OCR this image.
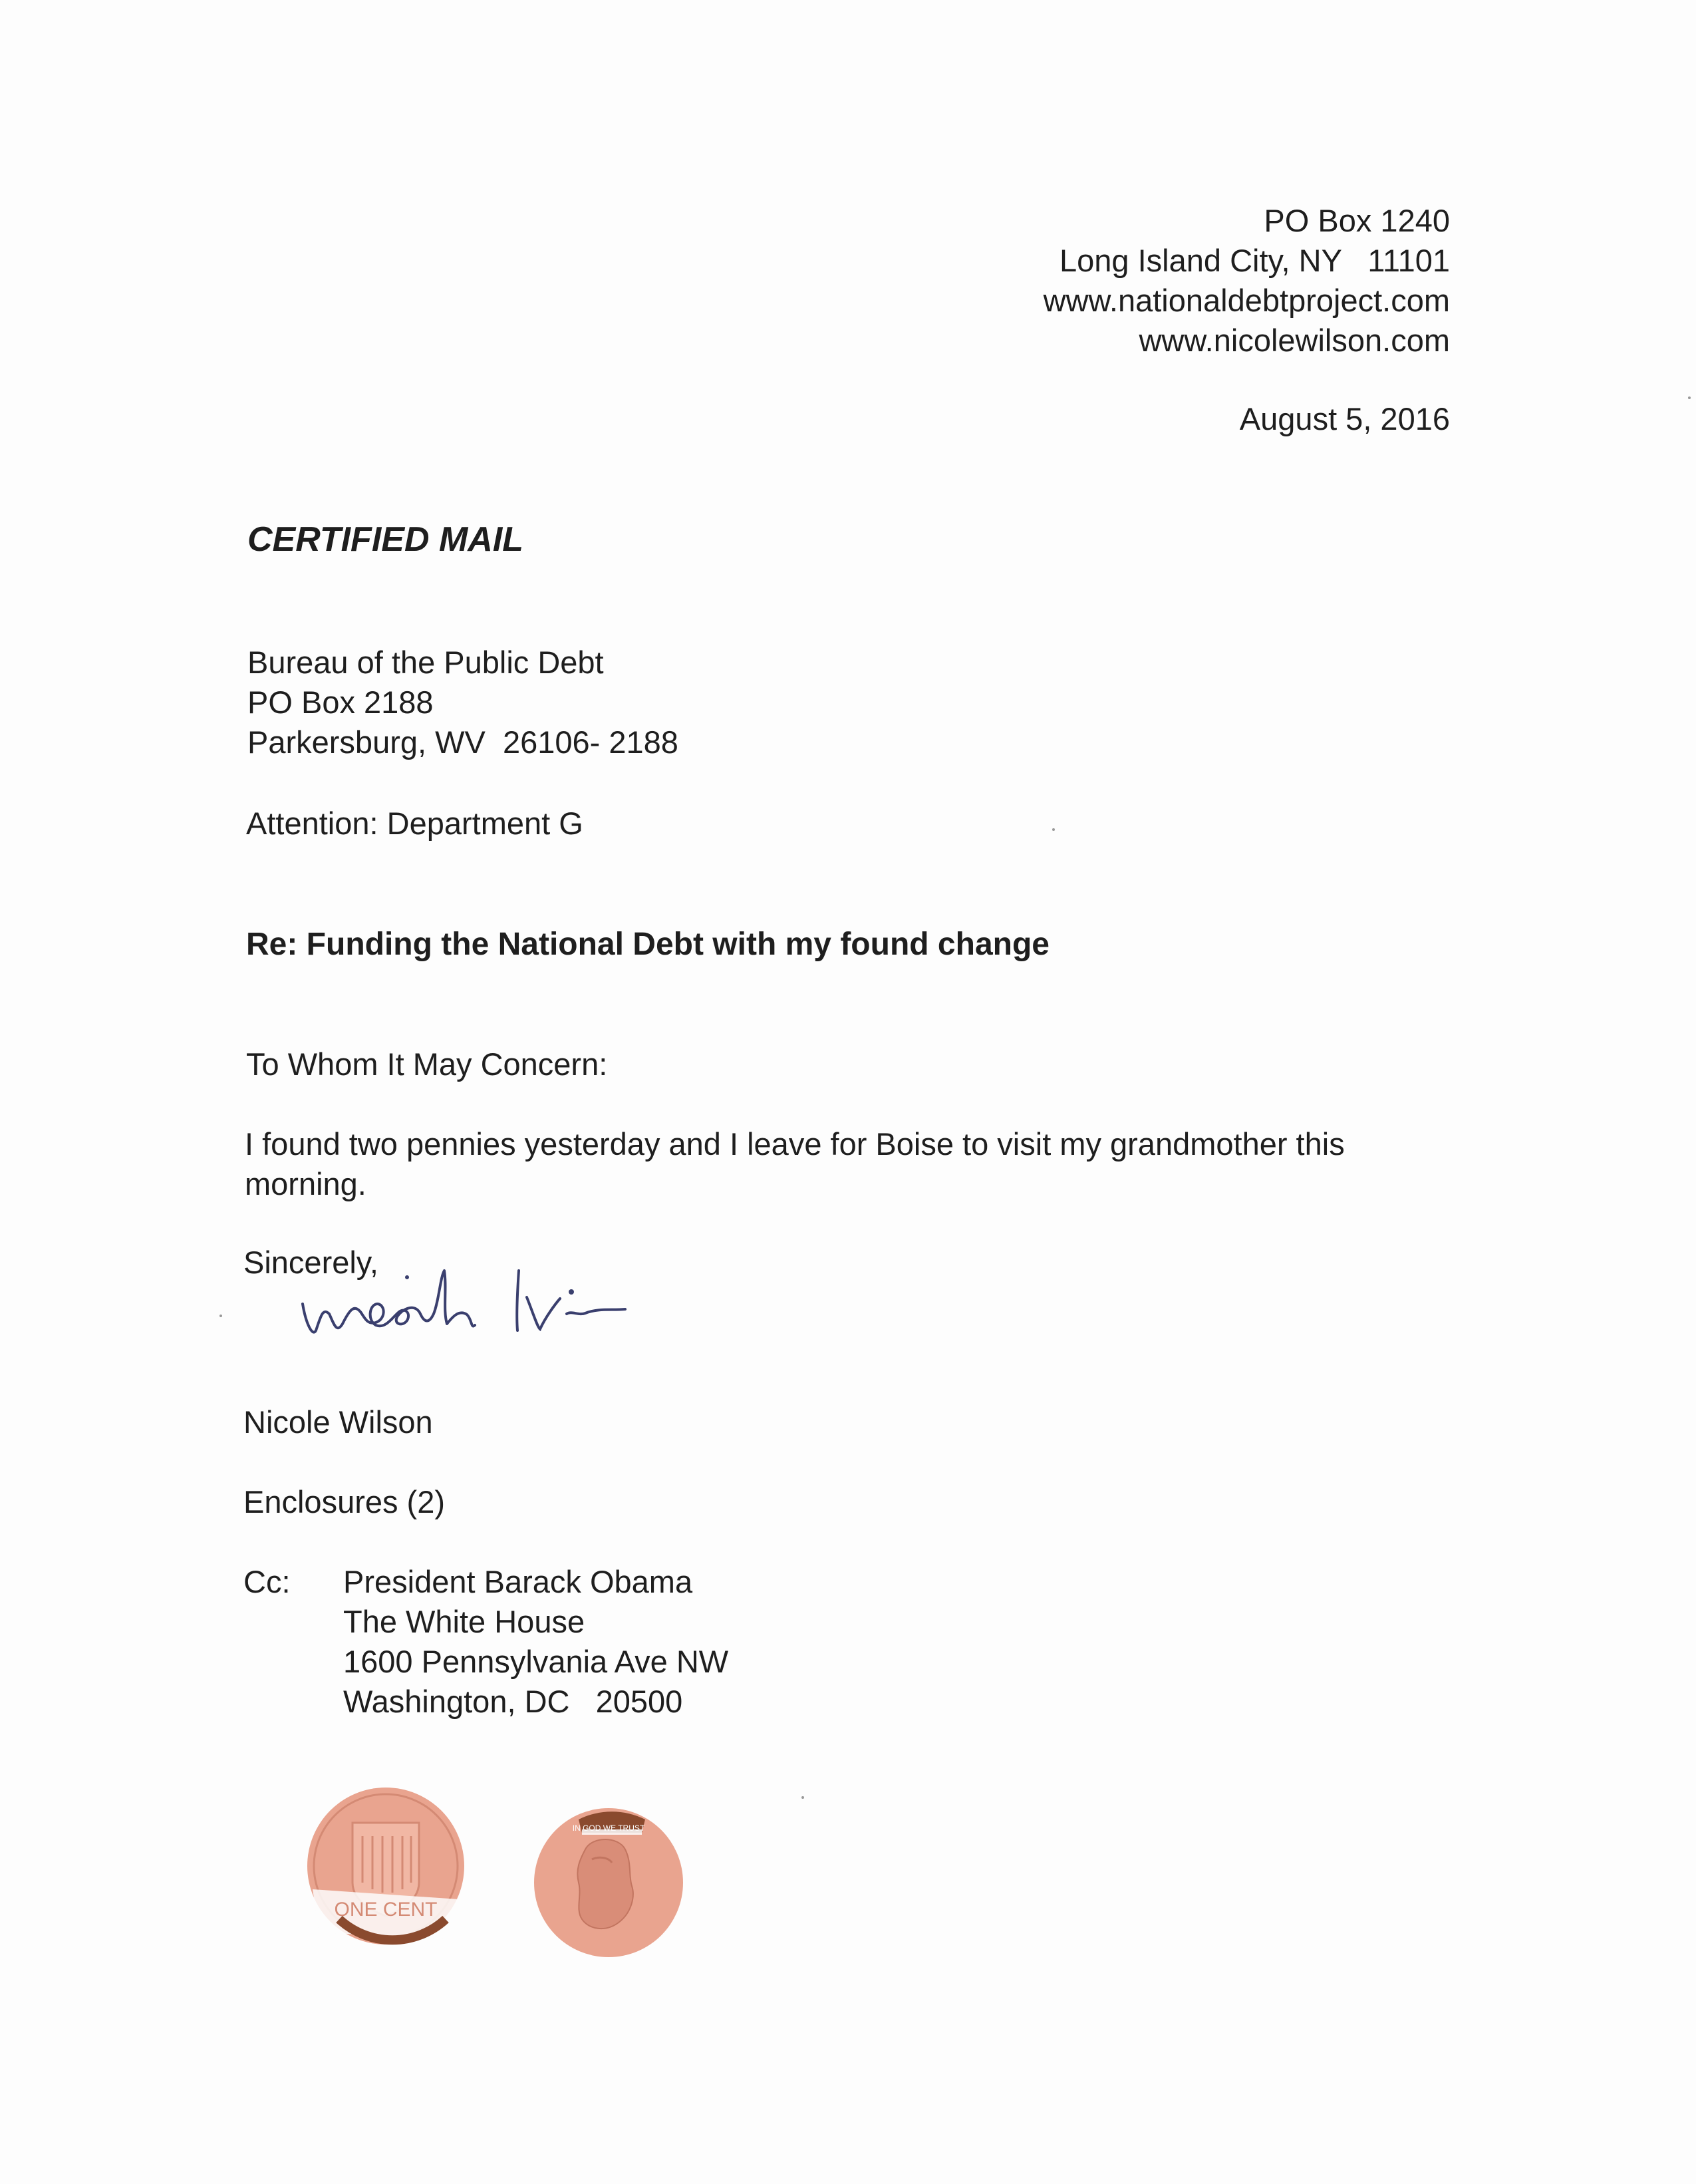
PO Box 1240
Long Island City, NY   11101
www.nationaldebtproject.com
www.nicolewilson.com
August 5, 2016
CERTIFIED MAIL
Bureau of the Public Debt
PO Box 2188
Parkersburg, WV  26106- 2188
Attention: Department G
Re: Funding the National Debt with my found change
To Whom It May Concern:
I found two pennies yesterday and I leave for Boise to visit my grandmother this morning.
Sincerely,
Nicole Wilson
Enclosures (2)
Cc: President Barack Obama
The White House
1600 Pennsylvania Ave NW
Washington, DC   20500
ONE CENT
IN GOD WE TRUST
